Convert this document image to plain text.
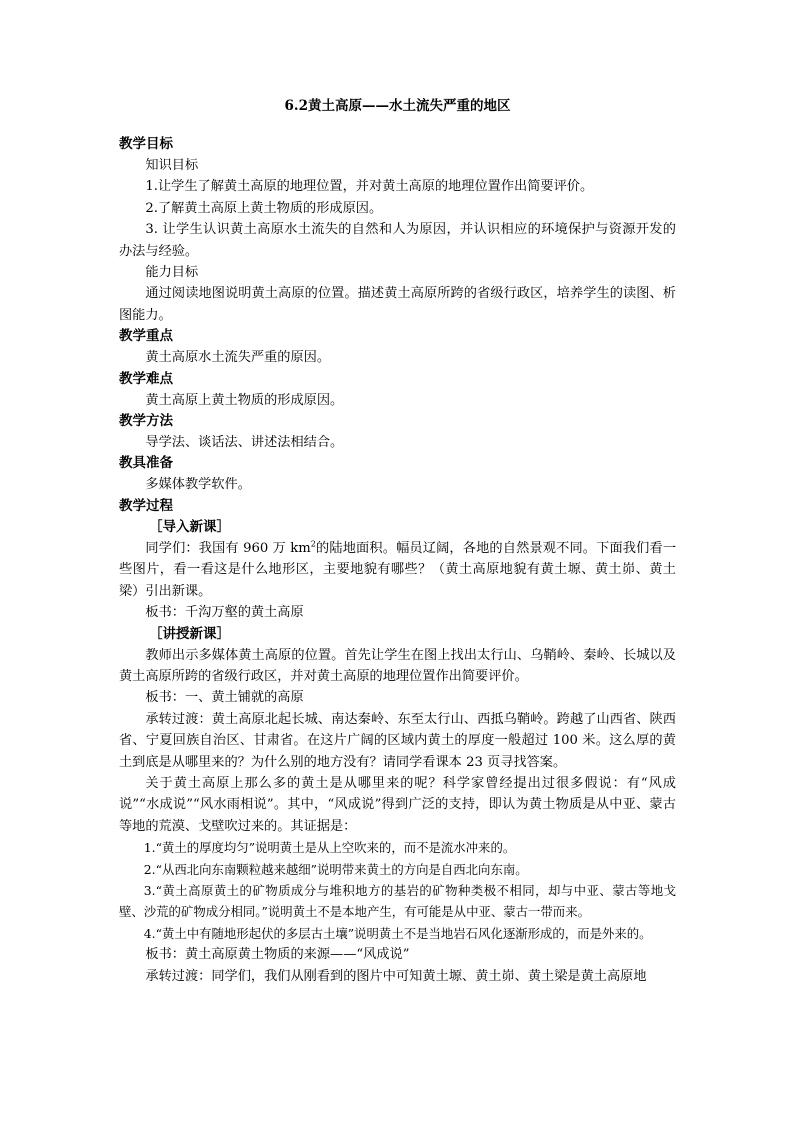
6.2黄土高原——水土流失严重的地区
教学目标
知识目标
1.让学生了解黄土高原的地理位置，并对黄土高原的地理位置作出简要评价。
2.了解黄土高原上黄土物质的形成原因。
3. 让学生认识黄土高原水土流失的自然和人为原因，并认识相应的环境保护与资源开发的办法与经验。
能力目标
通过阅读地图说明黄土高原的位置。描述黄土高原所跨的省级行政区，培养学生的读图、析图能力。
教学重点
黄土高原水土流失严重的原因。
教学难点
黄土高原上黄土物质的形成原因。
教学方法
导学法、谈话法、讲述法相结合。
教具准备
多媒体教学软件。
教学过程
［导入新课］
同学们：我国有 960 万 $km^2$的陆地面积。幅员辽阔，各地的自然景观不同。下面我们看一些图片，看一看这是什么地形区，主要地貌有哪些？（黄土高原地貌有黄土塬、黄土峁、黄土梁）引出新课。
板书：千沟万壑的黄土高原
［讲授新课］
教师出示多媒体黄土高原的位置。首先让学生在图上找出太行山、乌鞘岭、秦岭、长城以及黄土高原所跨的省级行政区，并对黄土高原的地理位置作出简要评价。
板书：一、黄土铺就的高原
承转过渡：黄土高原北起长城、南达秦岭、东至太行山、西抵乌鞘岭。跨越了山西省、陕西省、宁夏回族自治区、甘肃省。在这片广阔的区域内黄土的厚度一般超过 100 米。这么厚的黄土到底是从哪里来的？为什么别的地方没有？请同学看课本 23 页寻找答案。
关于黄土高原上那么多的黄土是从哪里来的呢？科学家曾经提出过很多假说：有“风成说”“水成说”“风水雨相说”。其中，“风成说”得到广泛的支持，即认为黄土物质是从中亚、蒙古等地的荒漠、戈壁吹过来的。其证据是：
1.“黄土的厚度均匀”说明黄土是从上空吹来的，而不是流水冲来的。
2.“从西北向东南颗粒越来越细”说明带来黄土的方向是自西北向东南。
3.“黄土高原黄土的矿物质成分与堆积地方的基岩的矿物种类极不相同，却与中亚、蒙古等地戈壁、沙荒的矿物成分相同。”说明黄土不是本地产生，有可能是从中亚、蒙古一带而来。
4.“黄土中有随地形起伏的多层古土壤”说明黄土不是当地岩石风化逐渐形成的，而是外来的。
板书：黄土高原黄土物质的来源——“风成说”
承转过渡：同学们，我们从刚看到的图片中可知黄土塬、黄土峁、黄土梁是黄土高原地
